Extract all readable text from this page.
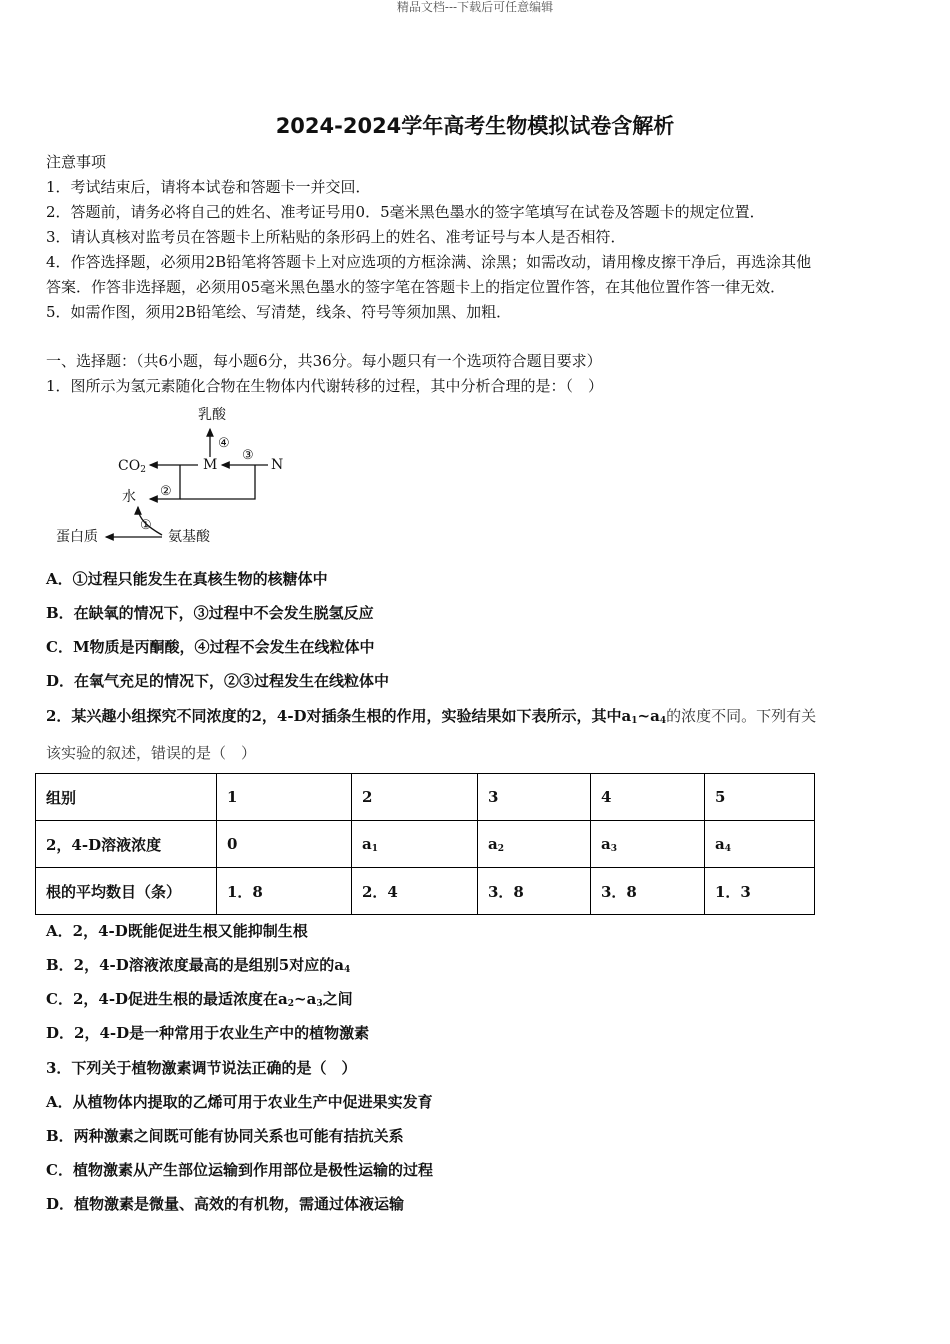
精品文档---下载后可任意编辑
2024-2024学年高考生物模拟试卷含解析
注意事项
1．考试结束后，请将本试卷和答题卡一并交回．
2．答题前，请务必将自己的姓名、准考证号用0．5毫米黑色墨水的签字笔填写在试卷及答题卡的规定位置．
3．请认真核对监考员在答题卡上所粘贴的条形码上的姓名、准考证号与本人是否相符．
4．作答选择题，必须用2B铅笔将答题卡上对应选项的方框涂满、涂黑；如需改动，请用橡皮擦干净后，再选涂其他
答案．作答非选择题，必须用05毫米黑色墨水的签字笔在答题卡上的指定位置作答，在其他位置作答一律无效．
5．如需作图，须用2B铅笔绘、写清楚，线条、符号等须加黑、加粗．
一、选择题：（共6小题，每小题6分，共36分。每小题只有一个选项符合题目要求）
1．图所示为氢元素随化合物在生物体内代谢转移的过程，其中分析合理的是：（　）
乳酸
④
$CO_2$	M
③
N
水 ②
①
蛋白质	氨基酸
A．①过程只能发生在真核生物的核糖体中
B．在缺氧的情况下，③过程中不会发生脱氢反应
C．M物质是丙酮酸，④过程不会发生在线粒体中
D．在氧气充足的情况下，②③过程发生在线粒体中
2．某兴趣小组探究不同浓度的2，4-D对插条生根的作用，实验结果如下表所示，其中$a_1\sim a_4$的浓度不同。下列有关
该实验的叙述，错误的是（　）
组别	1	2	3	4	5
2，4-D溶液浓度	0	$a_1$	$a_2$	$a_3$	$a_4$
根的平均数目（条）	1．8	2．4	3．8	3．8	1．3
A．2，4-D既能促进生根又能抑制生根
B．2，4-D溶液浓度最高的是组别5对应的$a_4$
C．2，4-D促进生根的最适浓度在$a_2\sim a_3$之间
D．2，4-D是一种常用于农业生产中的植物激素
3．下列关于植物激素调节说法正确的是（　）
A．从植物体内提取的乙烯可用于农业生产中促进果实发育
B．两种激素之间既可能有协同关系也可能有拮抗关系
C．植物激素从产生部位运输到作用部位是极性运输的过程
D．植物激素是微量、高效的有机物，需通过体液运输
